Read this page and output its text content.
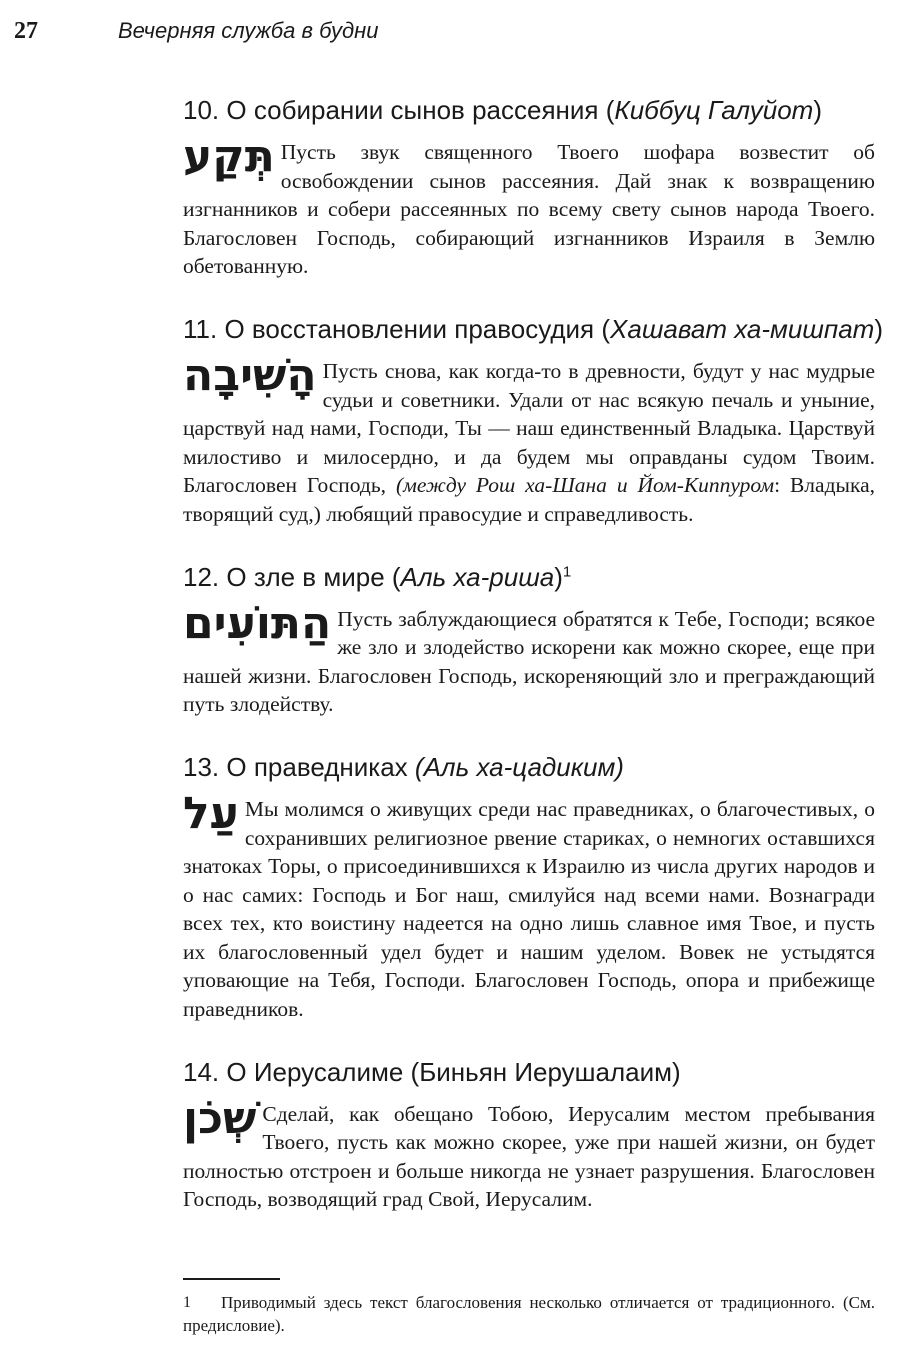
27	Вечерняя служба в будни
10. О собирании сынов рассеяния (Киббуц Галуйот)

תְּקַע Пусть звук священного Твоего шофара возвестит об освобождении сынов рассеяния. Дай знак к возвращению изгнанников и собери рассеянных по всему свету сынов народа Твоего. Благословен Господь, собирающий изгнанников Израиля в Землю обетованную.

11. О восстановлении правосудия (Хашават ха-мишпат)

הָשִׁיבָה Пусть снова, как когда-то в древности, будут у нас мудрые судьи и советники. Удали от нас всякую печаль и уныние, царствуй над нами, Господи, Ты — наш единственный Владыка. Царствуй милостиво и милосердно, и да будем мы оправданы судом Твоим. Благословен Господь, (между Рош ха-Шана и Йом-Киппуром: Владыка, творящий суд,) любящий правосудие и справедливость.

12. О зле в мире (Аль ха-риша)$^1$

הַתּוֹעִים Пусть заблуждающиеся обратятся к Тебе, Господи; всякое же зло и злодейство искорени как можно скорее, еще при нашей жизни. Благословен Господь, искореняющий зло и преграждающий путь злодейству.

13. О праведниках (Аль ха-цадиким)

עַל Мы молимся о живущих среди нас праведниках, о благочестивых, о сохранивших религиозное рвение стариках, о немногих оставшихся знатоках Торы, о присоединившихся к Израилю из числа других народов и о нас самих: Господь и Бог наш, смилуйся над всеми нами. Вознагради всех тех, кто воистину надеется на одно лишь славное имя Твое, и пусть их благословенный удел будет и нашим уделом. Вовек не устыдятся уповающие на Тебя, Господи. Благословен Господь, опора и прибежище праведников.

14. О Иерусалиме (Биньян Иерушалаим)

שְׁכֹן Сделай, как обещано Тобою, Иерусалим местом пребывания Твоего, пусть как можно скорее, уже при нашей жизни, он будет полностью отстроен и больше никогда не узнает разрушения. Благословен Господь, возводящий град Свой, Иерусалим.

1 Приводимый здесь текст благословения несколько отличается от традиционного. (См. предисловие).
